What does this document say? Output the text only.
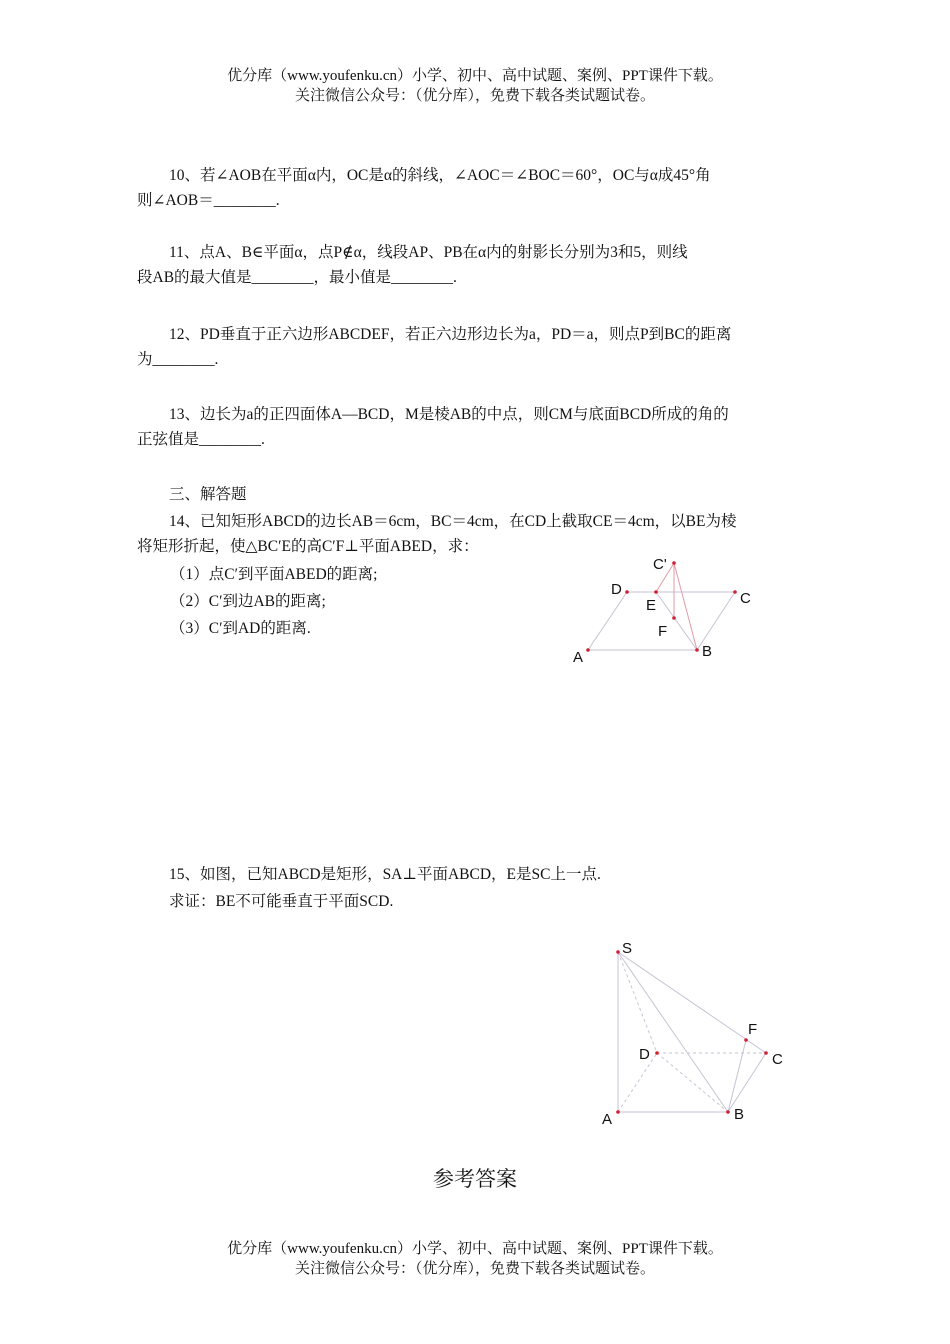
优分库（www.youfenku.cn）小学、初中、高中试题、案例、PPT课件下载。
关注微信公众号：（优分库），免费下载各类试题试卷。
10、若∠AOB在平面α内，OC是α的斜线，∠AOC＝∠BOC＝60°，OC与α成45°角
则∠AOB＝________.
11、点A、B∈平面α，点P∉α，线段AP、PB在α内的射影长分别为3和5，则线
段AB的最大值是________，最小值是________.
12、PD垂直于正六边形ABCDEF，若正六边形边长为a，PD＝a，则点P到BC的距离
为________.
13、边长为a的正四面体A—BCD，M是棱AB的中点，则CM与底面BCD所成的角的
正弦值是________.
三、解答题
14、已知矩形ABCD的边长AB＝6cm，BC＝4cm，在CD上截取CE＝4cm，以BE为棱
将矩形折起，使△BC′E的高C′F⊥平面ABED，求：
（1）点C′到平面ABED的距离;
（2）C′到边AB的距离;
（3）C′到AD的距离.
C'
D
E	C
F
A	B
15、如图，已知ABCD是矩形，SA⊥平面ABCD，E是SC上一点.
求证：BE不可能垂直于平面SCD.
S
F
D	C
A	B
参考答案
优分库（www.youfenku.cn）小学、初中、高中试题、案例、PPT课件下载。
关注微信公众号：（优分库），免费下载各类试题试卷。
